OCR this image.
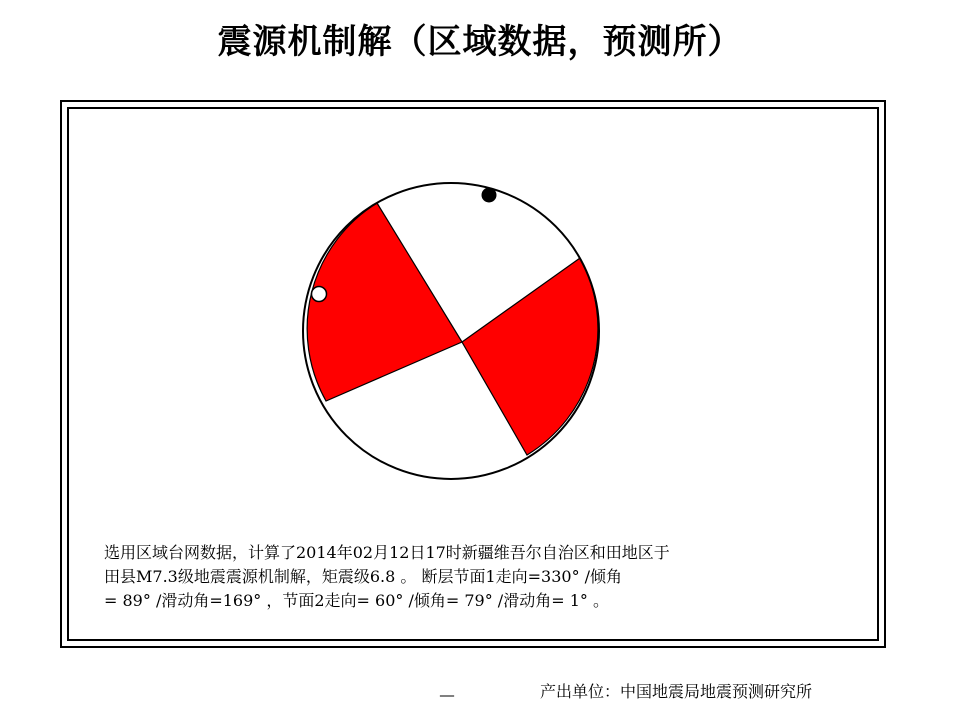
震源机制解（区域数据，预测所）
选用区域台网数据，计算了2014年02月12日17时新疆维吾尔自治区和田地区于
田县M7.3级地震震源机制解，矩震级6.8 。 断层节面1走向=330° /倾角
= 89° /滑动角=169° ，节面2走向= 60° /倾角= 79° /滑动角= 1° 。
__	产出单位：中国地震局地震预测研究所
